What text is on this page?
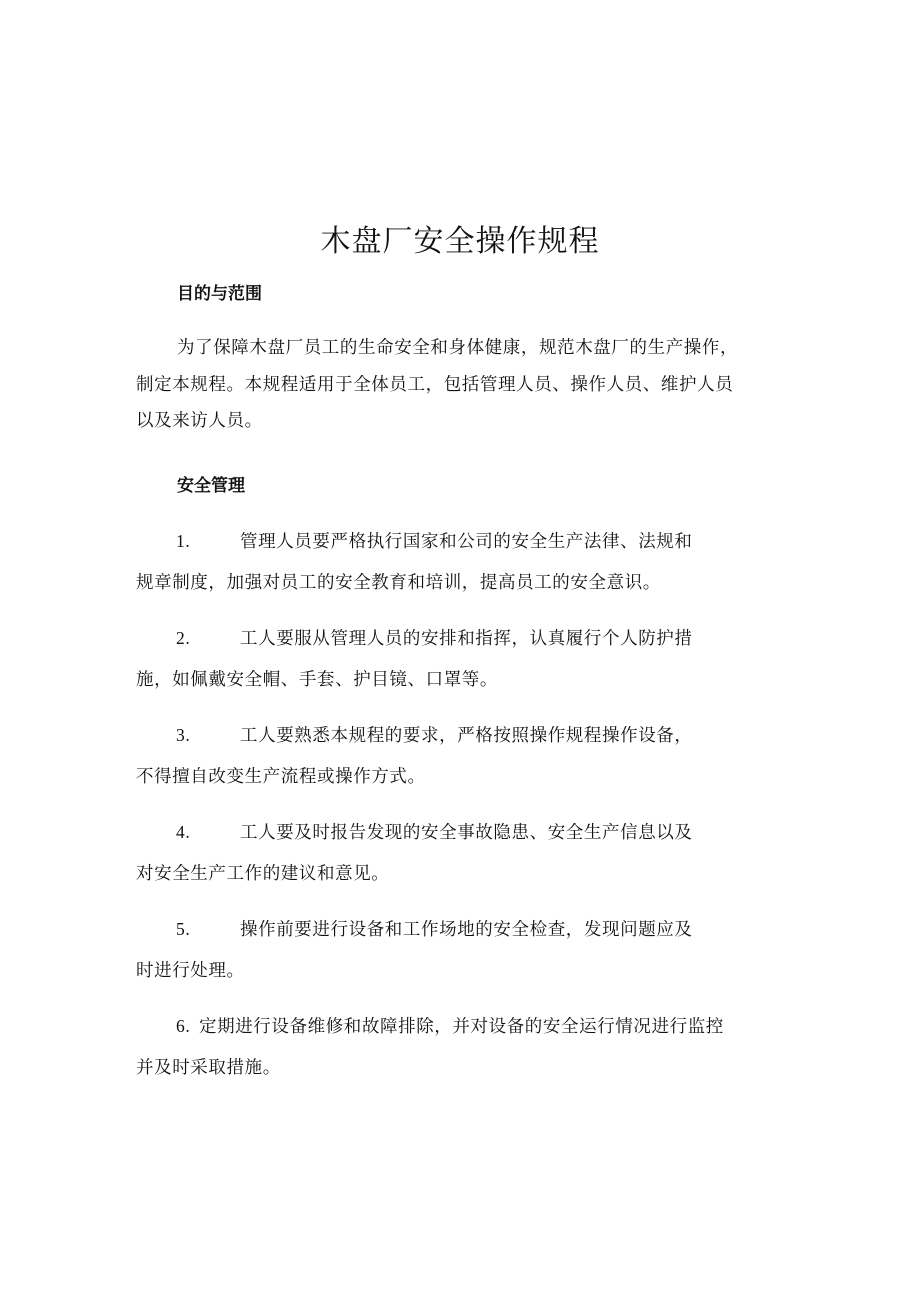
木盘厂安全操作规程
目的与范围
为了保障木盘厂员工的生命安全和身体健康，规范木盘厂的生产操作，
制定本规程。本规程适用于全体员工，包括管理人员、操作人员、维护人员
以及来访人员。
安全管理
1.	管理人员要严格执行国家和公司的安全生产法律、法规和
规章制度，加强对员工的安全教育和培训，提高员工的安全意识。
2.	工人要服从管理人员的安排和指挥，认真履行个人防护措
施，如佩戴安全帽、手套、护目镜、口罩等。
3.	工人要熟悉本规程的要求，严格按照操作规程操作设备，
不得擅自改变生产流程或操作方式。
4.	工人要及时报告发现的安全事故隐患、安全生产信息以及
对安全生产工作的建议和意见。
5.	操作前要进行设备和工作场地的安全检查，发现问题应及
时进行处理。
6. 定期进行设备维修和故障排除，并对设备的安全运行情况进行监控
并及时采取措施。
